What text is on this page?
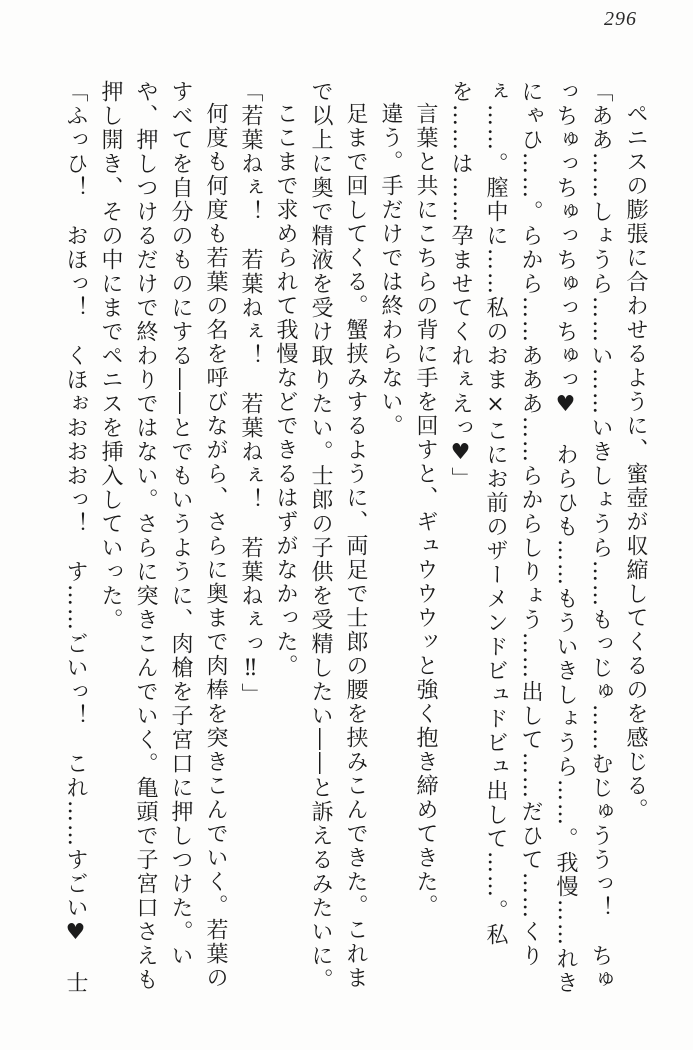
296

ペニスの膨張に合わせるように、蜜壺が収縮してくるのを感じる。

「ああ……しょうら……い……いきしょうら……もっじゅ……むじゅううっ！　ちゅっちゅっちゅっちゅっちゅっ♥　わらひも……もういきしょうら……。我慢……れきにゃひ……。らから……あああ……らからしりょう……出して……だひて……くりぇ……。膣中に……私のおま×こにお前のザーメンドビュドビュ出して……。私を……は……孕ませてくれぇえっ♥」

言葉と共にこちらの背に手を回すと、ギュウウウッと強く抱き締めてきた。

違う。手だけでは終わらない。

足まで回してくる。蟹挟みするように、両足で士郎の腰を挟みこんできた。これまで以上に奥で精液を受け取りたい。士郎の子供を受精したい――と訴えるみたいに。

ここまで求められて我慢などできるはずがなかった。

「若葉ねぇ！　若葉ねぇ！　若葉ねぇ！　若葉ねぇっ‼」

何度も何度も若葉の名を呼びながら、さらに奥まで肉棒を突きこんでいく。若葉のすべてを自分のものにする――とでもいうように、肉槍を子宮口に押しつけた。いや、押しつけるだけで終わりではない。さらに突きこんでいく。亀頭で子宮口さえも押し開き、その中にまでペニスを挿入していった。

「ふっひ！　おほっ！　くほぉおおおっ！　す……ごいっ！　これ……すごい♥　士
